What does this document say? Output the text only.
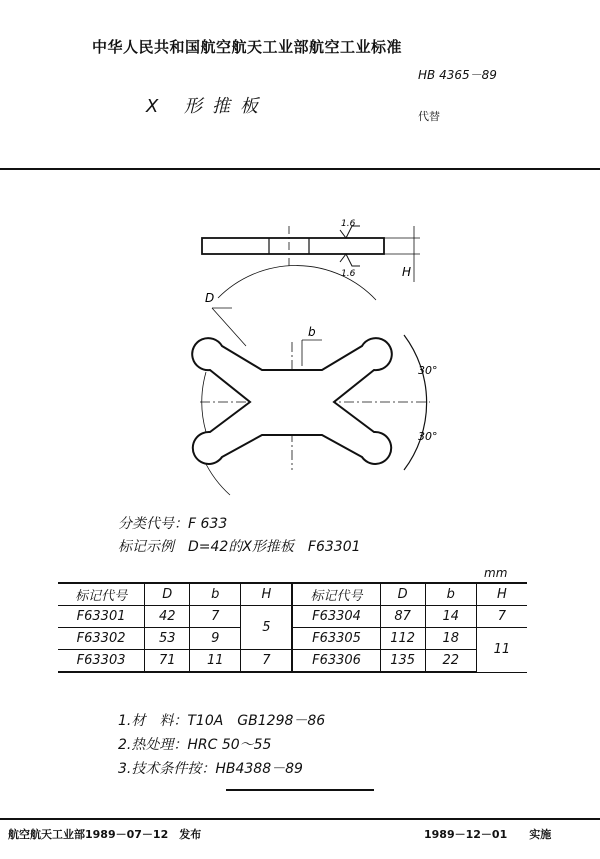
中华人民共和国航空航天工业部航空工业标准
HB 4365－89
X 形推板	代替
1.6
1.6	H
D
b
30°
30°
分类代号：F 633
标记示例　D=42的X形推板　F63301
mm
标记代号	D	b	H	标记代号	D	b	H
F63301	42	7	5	F63304	87	14	7
F63302	53	9		F63305	112	18	11
F63303	71	11	7	F63306	135	22	
1.材　料：T10A　GB1298－86
2.热处理：HRC 50～55
3.技术条件按：HB4388－89
航空航天工业部1989－07－12　发布	1989－12－01　　实施
